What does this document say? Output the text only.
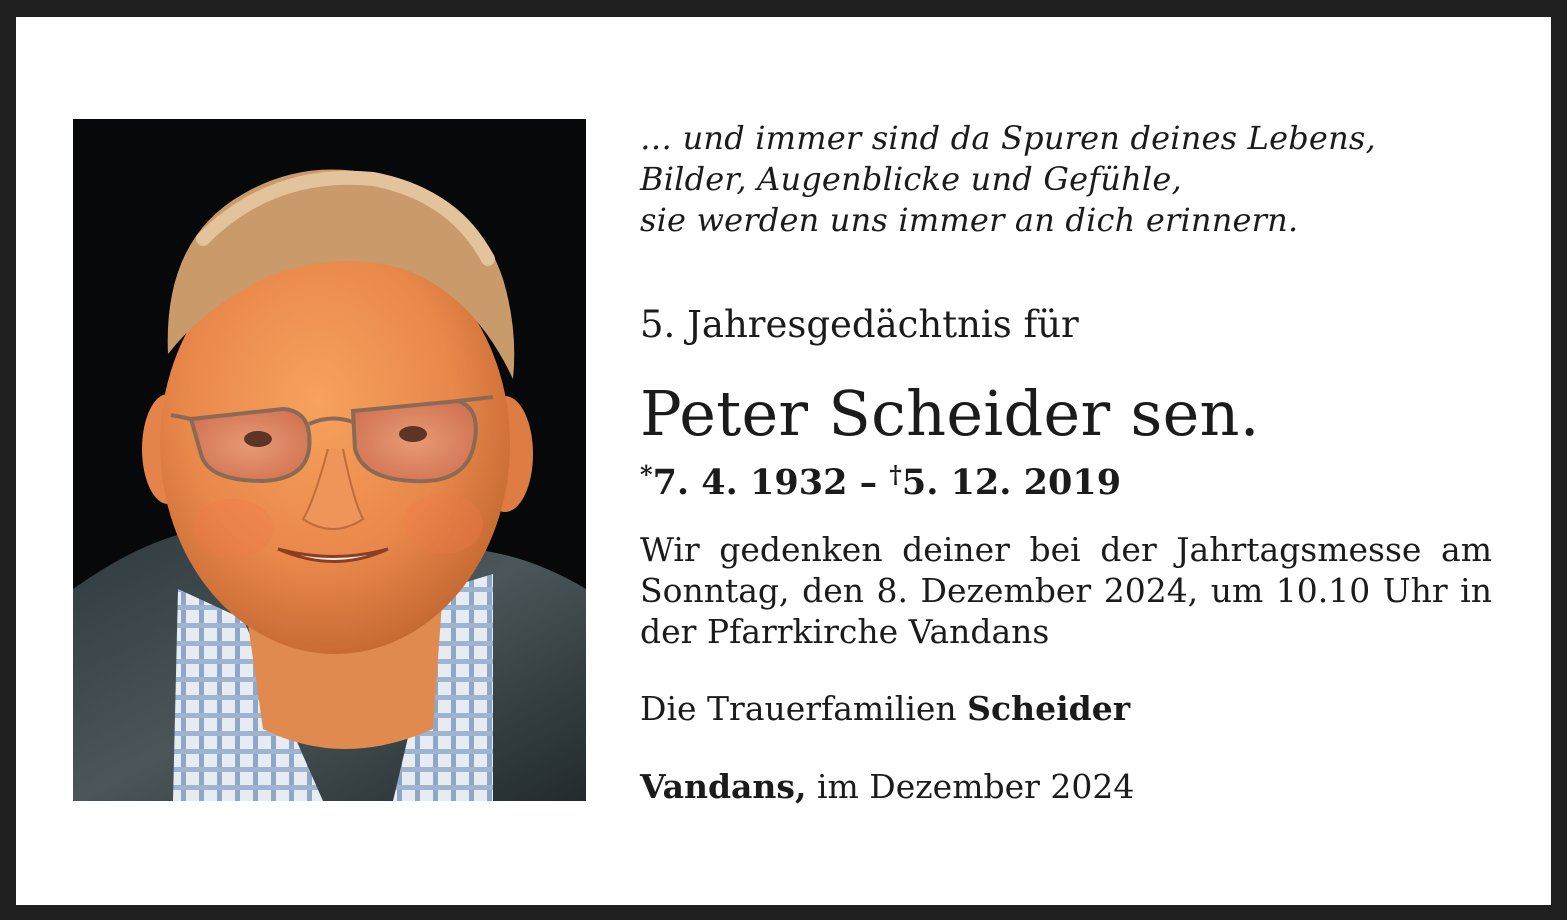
… und immer sind da Spuren deines Lebens,
Bilder, Augenblicke und Gefühle,
sie werden uns immer an dich erinnern.
5. Jahresgedächtnis für
Peter Scheider sen.
*7. 4. 1932 – †5. 12. 2019
Wir gedenken deiner bei der Jahrtagsmesse am
Sonntag, den 8. Dezember 2024, um 10.10 Uhr in
der Pfarrkirche Vandans
Die Trauerfamilien Scheider
Vandans, im Dezember 2024
